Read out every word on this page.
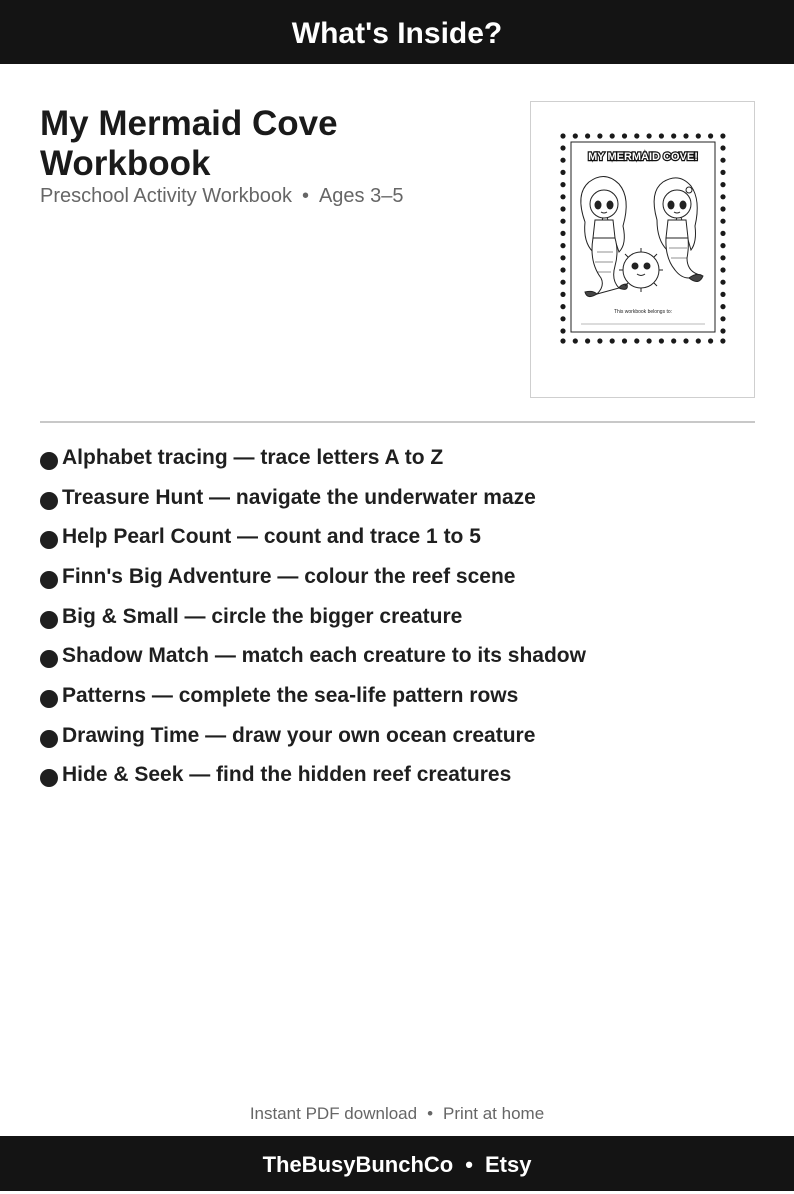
What's Inside?
My Mermaid Cove Workbook
Preschool Activity Workbook • Ages 3–5
MY MERMAID COVE!
This workbook belongs to:
Alphabet tracing — trace letters A to Z
Treasure Hunt — navigate the underwater maze
Help Pearl Count — count and trace 1 to 5
Finn's Big Adventure — colour the reef scene
Big & Small — circle the bigger creature
Shadow Match — match each creature to its shadow
Patterns — complete the sea-life pattern rows
Drawing Time — draw your own ocean creature
Hide & Seek — find the hidden reef creatures
Instant PDF download • Print at home
TheBusyBunchCo • Etsy
